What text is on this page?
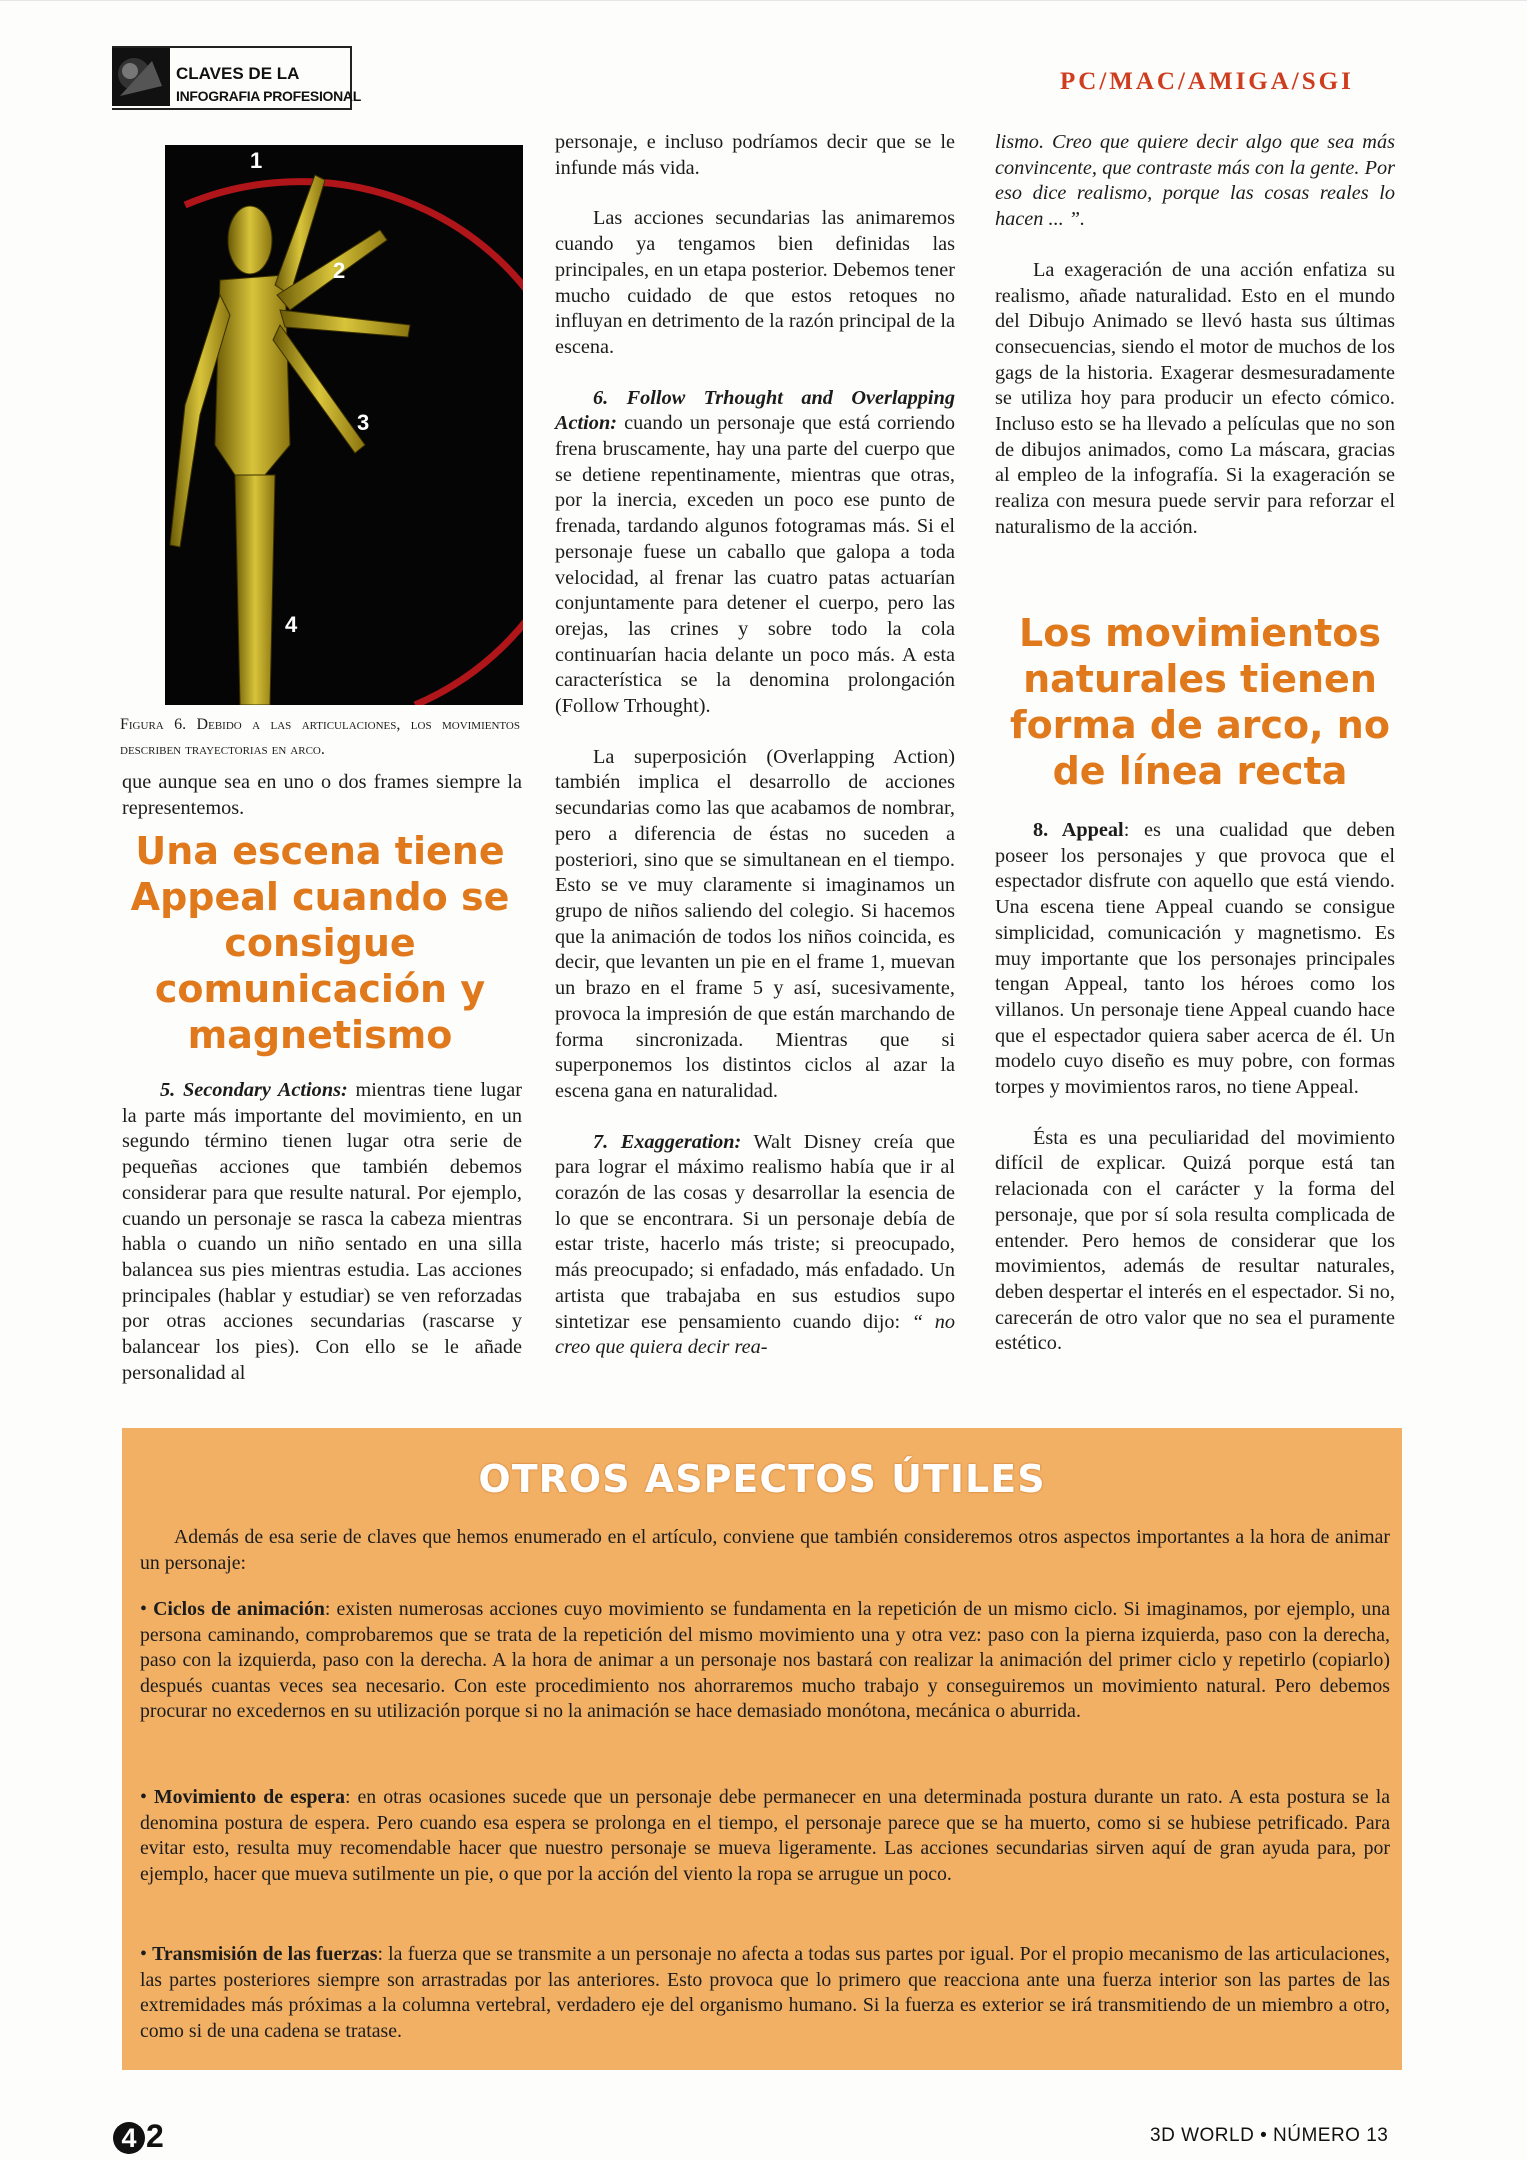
CLAVES DE LA
INFOGRAFIA PROFESIONAL
PC/MAC/AMIGA/SGI
1
2
3
4
Figura 6. Debido a las articulaciones, los movimientos describen trayectorias en arco.

que aunque sea en uno o dos frames siempre la representemos.

Una escena tiene Appeal cuando se consigue comunicación y magnetismo

5. Secondary Actions: mientras tiene lugar la parte más importante del movimiento, en un segundo término tienen lugar otra serie de pequeñas acciones que también debemos considerar para que resulte natural. Por ejemplo, cuando un personaje se rasca la cabeza mientras habla o cuando un niño sentado en una silla balancea sus pies mientras estudia. Las acciones principales (hablar y estudiar) se ven reforzadas por otras acciones secundarias (rascarse y balancear los pies). Con ello se le añade personalidad al

personaje, e incluso podríamos decir que se le infunde más vida.

Las acciones secundarias las animaremos cuando ya tengamos bien definidas las principales, en un etapa posterior. Debemos tener mucho cuidado de que estos retoques no influyan en detrimento de la razón principal de la escena.

6. Follow Trhought and Overlapping Action: cuando un personaje que está corriendo frena bruscamente, hay una parte del cuerpo que se detiene repentinamente, mientras que otras, por la inercia, exceden un poco ese punto de frenada, tardando algunos fotogramas más. Si el personaje fuese un caballo que galopa a toda velocidad, al frenar las cuatro patas actuarían conjuntamente para detener el cuerpo, pero las orejas, las crines y sobre todo la cola continuarían hacia delante un poco más. A esta característica se la denomina prolongación (Follow Trhought).

La superposición (Overlapping Action) también implica el desarrollo de acciones secundarias como las que acabamos de nombrar, pero a diferencia de éstas no suceden a posteriori, sino que se simultanean en el tiempo. Esto se ve muy claramente si imaginamos un grupo de niños saliendo del colegio. Si hacemos que la animación de todos los niños coincida, es decir, que levanten un pie en el frame 1, muevan un brazo en el frame 5 y así, sucesivamente, provoca la impresión de que están marchando de forma sincronizada. Mientras que si superponemos los distintos ciclos al azar la escena gana en naturalidad.

7. Exaggeration: Walt Disney creía que para lograr el máximo realismo había que ir al corazón de las cosas y desarrollar la esencia de lo que se encontrara. Si un personaje debía de estar triste, hacerlo más triste; si preocupado, más preocupado; si enfadado, más enfadado. Un artista que trabajaba en sus estudios supo sintetizar ese pensamiento cuando dijo: “ no creo que quiera decir rea-

lismo. Creo que quiere decir algo que sea más convincente, que contraste más con la gente. Por eso dice realismo, porque las cosas reales lo hacen ... ”.

La exageración de una acción enfatiza su realismo, añade naturalidad. Esto en el mundo del Dibujo Animado se llevó hasta sus últimas consecuencias, siendo el motor de muchos de los gags de la historia. Exagerar desmesuradamente se utiliza hoy para producir un efecto cómico. Incluso esto se ha llevado a películas que no son de dibujos animados, como La máscara, gracias al empleo de la infografía. Si la exageración se realiza con mesura puede servir para reforzar el naturalismo de la acción.

Los movimientos naturales tienen forma de arco, no de línea recta

8. Appeal: es una cualidad que deben poseer los personajes y que provoca que el espectador disfrute con aquello que está viendo. Una escena tiene Appeal cuando se consigue simplicidad, comunicación y magnetismo. Es muy importante que los personajes principales tengan Appeal, tanto los héroes como los villanos. Un personaje tiene Appeal cuando hace que el espectador quiera saber acerca de él. Un modelo cuyo diseño es muy pobre, con formas torpes y movimientos raros, no tiene Appeal.

Ésta es una peculiaridad del movimiento difícil de explicar. Quizá porque está tan relacionada con el carácter y la forma del personaje, que por sí sola resulta complicada de entender. Pero hemos de considerar que los movimientos, además de resultar naturales, deben despertar el interés en el espectador. Si no, carecerán de otro valor que no sea el puramente estético.

OTROS ASPECTOS ÚTILES

Además de esa serie de claves que hemos enumerado en el artículo, conviene que también consideremos otros aspectos importantes a la hora de animar un personaje:

• Ciclos de animación: existen numerosas acciones cuyo movimiento se fundamenta en la repetición de un mismo ciclo. Si imaginamos, por ejemplo, una persona caminando, comprobaremos que se trata de la repetición del mismo movimiento una y otra vez: paso con la pierna izquierda, paso con la derecha, paso con la izquierda, paso con la derecha. A la hora de animar a un personaje nos bastará con realizar la animación del primer ciclo y repetirlo (copiarlo) después cuantas veces sea necesario. Con este procedimiento nos ahorraremos mucho trabajo y conseguiremos un movimiento natural. Pero debemos procurar no excedernos en su utilización porque si no la animación se hace demasiado monótona, mecánica o aburrida.

• Movimiento de espera: en otras ocasiones sucede que un personaje debe permanecer en una determinada postura durante un rato. A esta postura se la denomina postura de espera. Pero cuando esa espera se prolonga en el tiempo, el personaje parece que se ha muerto, como si se hubiese petrificado. Para evitar esto, resulta muy recomendable hacer que nuestro personaje se mueva ligeramente. Las acciones secundarias sirven aquí de gran ayuda para, por ejemplo, hacer que mueva sutilmente un pie, o que por la acción del viento la ropa se arrugue un poco.

• Transmisión de las fuerzas: la fuerza que se transmite a un personaje no afecta a todas sus partes por igual. Por el propio mecanismo de las articulaciones, las partes posteriores siempre son arrastradas por las anteriores. Esto provoca que lo primero que reacciona ante una fuerza interior son las partes de las extremidades más próximas a la columna vertebral, verdadero eje del organismo humano. Si la fuerza es exterior se irá transmitiendo de un miembro a otro, como si de una cadena se tratase.

4 2	3D WORLD • NÚMERO 13
